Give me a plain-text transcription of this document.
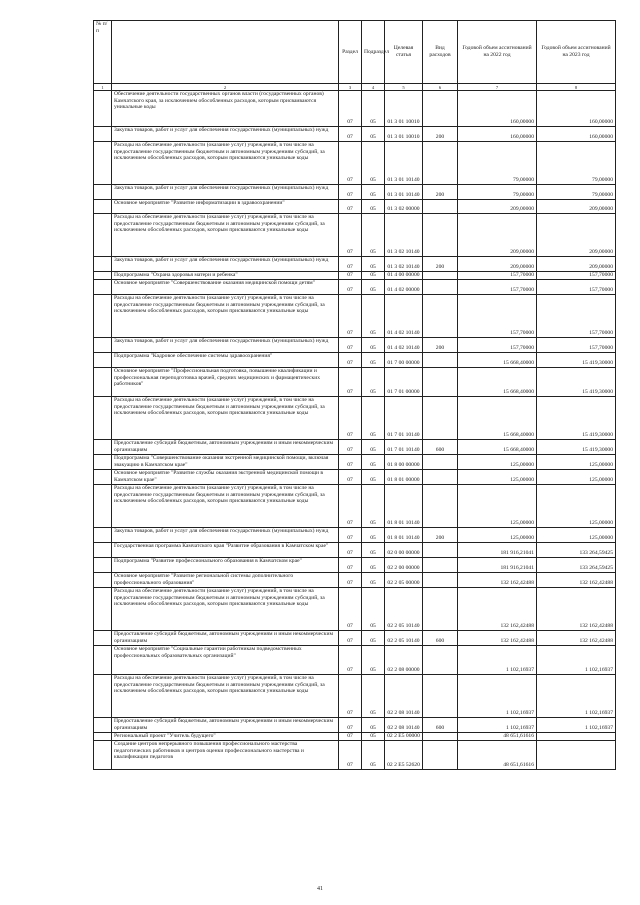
№ п/п		Раздел	Подраздел	Целевая статья	Вид расходов	Годовой объем ассигнований на 2022 год	Годовой объем ассигнований на 2023 год
1	2	3	4	5	6	7	8
	Обеспечение деятельности государственных органов власти (государственных органов) Камчатского края, за исключением обособленных расходов, которым присваиваются уникальные коды	07	05	01 3 01 10010		160,00000	160,00000
	Закупка товаров, работ и услуг для обеспечения государственных (муниципальных) нужд	07	05	01 3 01 10010	200	160,00000	160,00000
	Расходы на обеспечение деятельности (оказание услуг) учреждений, в том числе на предоставление государственным бюджетным и автономным учреждениям субсидий, за исключением обособленных расходов, которым присваиваются уникальные коды	07	05	01 3 01 10140		79,00000	79,00000
	Закупка товаров, работ и услуг для обеспечения государственных (муниципальных) нужд	07	05	01 3 01 10140	200	79,00000	79,00000
	Основное мероприятие "Развитие информатизации в здравоохранении"	07	05	01 3 02 00000		209,00000	209,00000
	Расходы на обеспечение деятельности (оказание услуг) учреждений, в том числе на предоставление государственным бюджетным и автономным учреждениям субсидий, за исключением обособленных расходов, которым присваиваются уникальные коды	07	05	01 3 02 10140		209,00000	209,00000
	Закупка товаров, работ и услуг для обеспечения государственных (муниципальных) нужд	07	05	01 3 02 10140	200	209,00000	209,00000
	Подпрограмма "Охрана здоровья матери и ребенка"	07	05	01 4 00 00000		157,70000	157,70000
	Основное мероприятие "Совершенствование оказания медицинской помощи детям"	07	05	01 4 02 00000		157,70000	157,70000
	Расходы на обеспечение деятельности (оказание услуг) учреждений, в том числе на предоставление государственным бюджетным и автономным учреждениям субсидий, за исключением обособленных расходов, которым присваиваются уникальные коды	07	05	01 4 02 10140		157,70000	157,70000
	Закупка товаров, работ и услуг для обеспечения государственных (муниципальных) нужд	07	05	01 4 02 10140	200	157,70000	157,70000
	Подпрограмма "Кадровое обеспечение системы здравоохранения"	07	05	01 7 00 00000		15 668,40000	15 419,30000
	Основное мероприятие "Профессиональная подготовка, повышение квалификации и профессиональная переподготовка врачей, средних медицинских и фармацевтических работников"	07	05	01 7 01 00000		15 668,40000	15 419,30000
	Расходы на обеспечение деятельности (оказание услуг) учреждений, в том числе на предоставление государственным бюджетным и автономным учреждениям субсидий, за исключением обособленных расходов, которым присваиваются уникальные коды	07	05	01 7 01 10140		15 668,40000	15 419,30000
	Предоставление субсидий бюджетным, автономным учреждениям и иным некоммерческим организациям	07	05	01 7 01 10140	600	15 668,40000	15 419,30000
	Подпрограмма "Совершенствование оказания экстренной медицинской помощи, включая эвакуацию в Камчатском крае"	07	05	01 8 00 00000		125,00000	125,00000
	Основное мероприятие "Развитие службы оказания экстренной медицинской помощи в Камчатском крае"	07	05	01 8 01 00000		125,00000	125,00000
	Расходы на обеспечение деятельности (оказание услуг) учреждений, в том числе на предоставление государственным бюджетным и автономным учреждениям субсидий, за исключением обособленных расходов, которым присваиваются уникальные коды	07	05	01 8 01 10140		125,00000	125,00000
	Закупка товаров, работ и услуг для обеспечения государственных (муниципальных) нужд	07	05	01 8 01 10140	200	125,00000	125,00000
	Государственная программа Камчатского края "Развитие образования в Камчатском крае"	07	05	02 0 00 00000		181 916,21041	133 264,59425
	Подпрограмма "Развитие профессионального образования в Камчатском крае"	07	05	02 2 00 00000		181 916,21041	133 264,59425
	Основное мероприятие "Развитие региональной системы дополнительного профессионального образования"	07	05	02 2 05 00000		132 162,42488	132 162,42488
	Расходы на обеспечение деятельности (оказание услуг) учреждений, в том числе на предоставление государственным бюджетным и автономным учреждениям субсидий, за исключением обособленных расходов, которым присваиваются уникальные коды	07	05	02 2 05 10140		132 162,42488	132 162,42488
	Предоставление субсидий бюджетным, автономным учреждениям и иным некоммерческим организациям	07	05	02 2 05 10140	600	132 162,42488	132 162,42488
	Основное мероприятие "Социальные гарантии работникам подведомственных профессиональных образовательных организаций"	07	05	02 2 08 00000		1 102,16937	1 102,16937
	Расходы на обеспечение деятельности (оказание услуг) учреждений, в том числе на предоставление государственным бюджетным и автономным учреждениям субсидий, за исключением обособленных расходов, которым присваиваются уникальные коды	07	05	02 2 08 10140		1 102,16937	1 102,16937
	Предоставление субсидий бюджетным, автономным учреждениям и иным некоммерческим организациям	07	05	02 2 08 10140	600	1 102,16937	1 102,16937
	Региональный проект "Учитель будущего"	07	05	02 2 E5 00000		48 651,61616	
	Создание центров непрерывного повышения профессионального мастерства педагогических работников и центров оценки профессионального мастерства и квалификации педагогов	07	05	02 2 E5 52620		48 651,61616	
41
